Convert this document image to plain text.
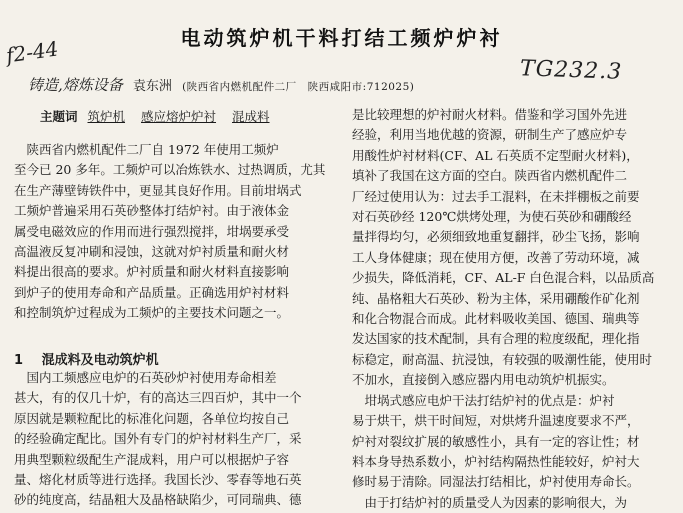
电动筑炉机干料打结工频炉炉衬
f2-44
TG232.3
铸造,熔炼设备 袁东洲 (陕西省内燃机配件二厂　陕西咸阳市:712025)
主题词 筑炉机 感应熔炉炉衬 混成料
　陕西省内燃机配件二厂自 1972 年使用工频炉
至今已 20 多年。工频炉可以冶炼铁水、过热调质，尤其
在生产薄壁铸铁件中，更显其良好作用。目前坩埚式
工频炉普遍采用石英砂整体打结炉衬。由于液体金
属受电磁效应的作用而进行强烈搅拌，坩埚要承受
高温液反复冲刷和浸蚀，这就对炉衬质量和耐火材
料提出很高的要求。炉衬质量和耐火材料直接影响
到炉子的使用寿命和产品质量。正确选用炉衬材料
和控制筑炉过程成为工频炉的主要技术问题之一。
1 混成料及电动筑炉机
　国内工频感应电炉的石英砂炉衬使用寿命相差
甚大，有的仅几十炉，有的高达三四百炉，其中一个
原因就是颗粒配比的标准化问题，各单位均按自己
的经验确定配比。国外有专门的炉衬材料生产厂，采
用典型颗粒级配生产混成料，用户可以根据炉子容
量、熔化材质等进行选择。我国长沙、零春等地石英
砂的纯度高，结晶粗大及晶格缺陷少，可同瑞典、德
是比较理想的炉衬耐火材料。借鉴和学习国外先进
经验，利用当地优越的资源，研制生产了感应炉专
用酸性炉衬材料(CF、AL 石英质不定型耐火材料)，
填补了我国在这方面的空白。陕西省内燃机配件二
厂经过使用认为：过去手工混料，在未拌棚板之前要
对石英砂经 120℃烘烤处理，为使石英砂和硼酸经
量拌得均匀，必须细致地重复翻拌，砂尘飞扬，影响
工人身体健康；现在使用方便，改善了劳动环境，减
少损失，降低消耗，CF、AL-F 白色混合料，以品质高
纯、晶格粗大石英砂、粉为主体，采用硼酸作矿化剂
和化合物混合而成。此材料吸收美国、德国、瑞典等
发达国家的技术配制，具有合理的粒度级配，理化指
标稳定，耐高温、抗浸蚀，有较强的吸潮性能，使用时
不加水，直接倒入感应器内用电动筑炉机振实。
　坩埚式感应电炉干法打结炉衬的优点是：炉衬
易于烘干，烘干时间短，对烘烤升温速度要求不严，
炉衬对裂纹扩展的敏感性小，具有一定的容让性；材
料本身导热系数小，炉衬结构隔热性能较好，炉衬大
修时易于清除。同湿法打结相比，炉衬使用寿命长。
　由于打结炉衬的质量受人为因素的影响很大，为
